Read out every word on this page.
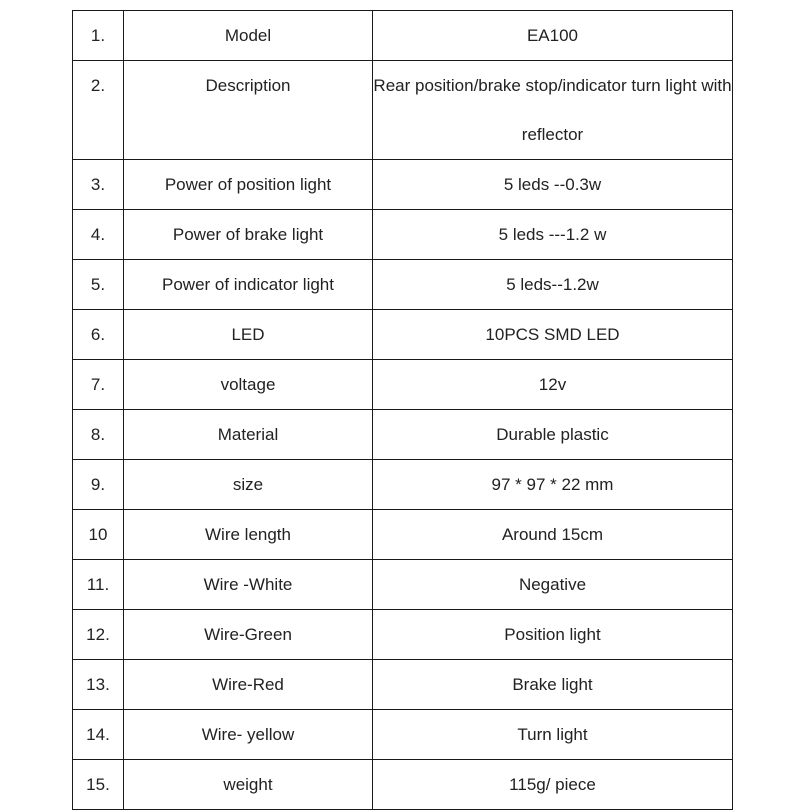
1.	Model	EA100
2.	Description	Rear position/brake stop/indicator turn light with reflector
3.	Power of position light	5 leds --0.3w
4.	Power of brake light	5 leds ---1.2 w
5.	Power of indicator light	5 leds--1.2w
6.	LED	10PCS SMD LED
7.	voltage	12v
8.	Material	Durable plastic
9.	size	97 * 97 * 22 mm
10	Wire length	Around 15cm
11.	Wire -White	Negative
12.	Wire-Green	Position light
13.	Wire-Red	Brake light
14.	Wire- yellow	Turn light
15.	weight	115g/ piece
